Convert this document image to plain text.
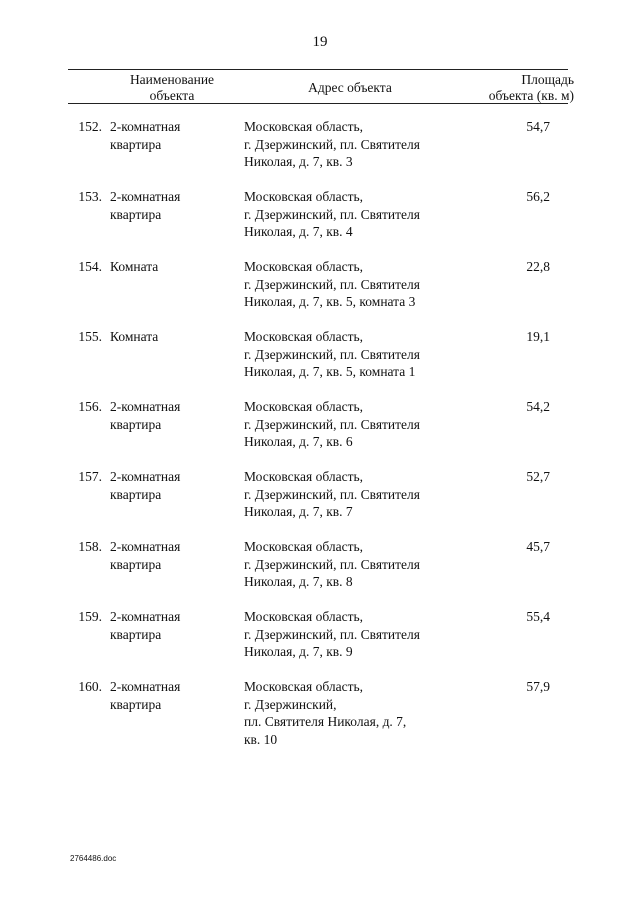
19
Наименование
объекта
Адрес объекта
Площадь
объекта (кв. м)
152. 2-комнатная
квартира
Московская область,
г. Дзержинский, пл. Святителя
Николая, д. 7, кв. 3
54,7
153. 2-комнатная
квартира
Московская область,
г. Дзержинский, пл. Святителя
Николая, д. 7, кв. 4
56,2
154. Комната	Московская область,
г. Дзержинский, пл. Святителя
Николая, д. 7, кв. 5, комната 3
22,8
155. Комната	Московская область,
г. Дзержинский, пл. Святителя
Николая, д. 7, кв. 5, комната 1
19,1
156. 2-комнатная
квартира
Московская область,
г. Дзержинский, пл. Святителя
Николая, д. 7, кв. 6
54,2
157. 2-комнатная
квартира
Московская область,
г. Дзержинский, пл. Святителя
Николая, д. 7, кв. 7
52,7
158. 2-комнатная
квартира
Московская область,
г. Дзержинский, пл. Святителя
Николая, д. 7, кв. 8
45,7
159. 2-комнатная
квартира
Московская область,
г. Дзержинский, пл. Святителя
Николая, д. 7, кв. 9
55,4
160. 2-комнатная
квартира
Московская область,
г. Дзержинский,
пл. Святителя Николая, д. 7,
кв. 10
57,9
2764486.doc
